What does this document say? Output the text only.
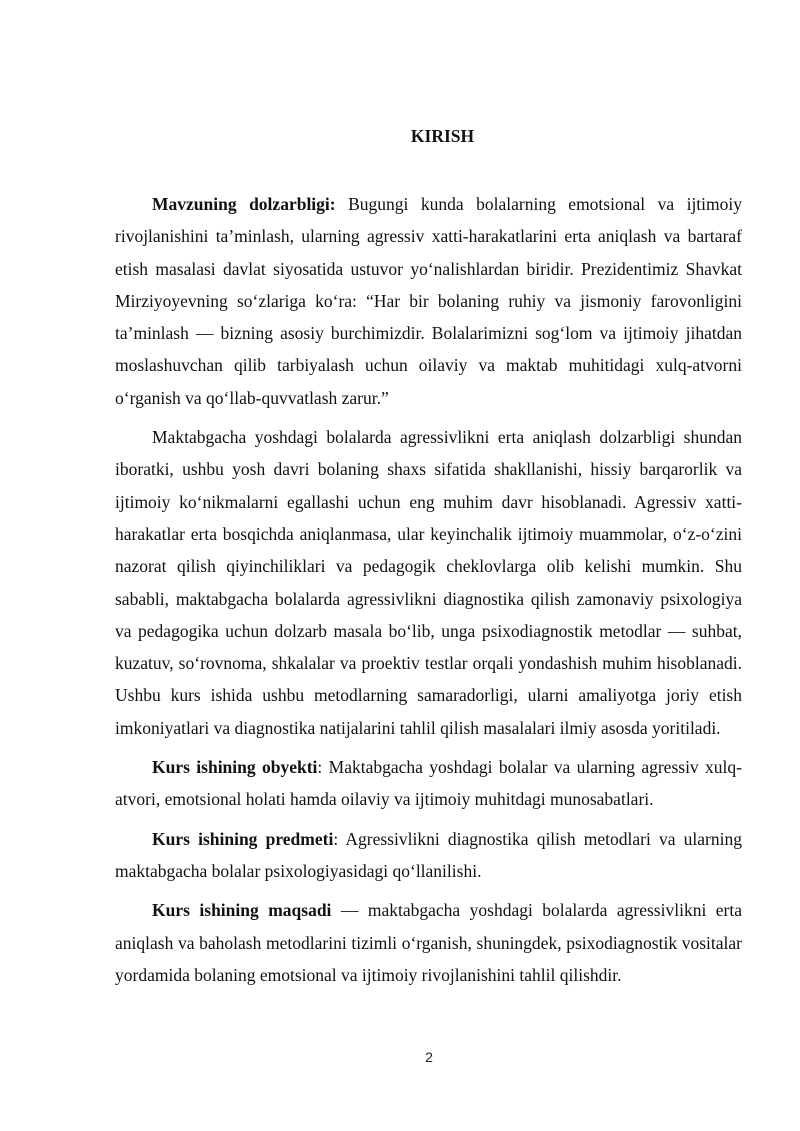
KIRISH

Mavzuning dolzarbligi: Bugungi kunda bolalarning emotsional va ijtimoiy rivojlanishini ta’minlash, ularning agressiv xatti-harakatlarini erta aniqlash va bartaraf etish masalasi davlat siyosatida ustuvor yo‘nalishlardan biridir. Prezidentimiz Shavkat Mirziyoyevning so‘zlariga ko‘ra: “Har bir bolaning ruhiy va jismoniy farovonligini ta’minlash — bizning asosiy burchimizdir. Bolalarimizni sog‘lom va ijtimoiy jihatdan moslashuvchan qilib tarbiyalash uchun oilaviy va maktab muhitidagi xulq-atvorni o‘rganish va qo‘llab-quvvatlash zarur.”

Maktabgacha yoshdagi bolalarda agressivlikni erta aniqlash dolzarbligi shundan iboratki, ushbu yosh davri bolaning shaxs sifatida shakllanishi, hissiy barqarorlik va ijtimoiy ko‘nikmalarni egallashi uchun eng muhim davr hisoblanadi. Agressiv xatti-harakatlar erta bosqichda aniqlanmasa, ular keyinchalik ijtimoiy muammolar, o‘z-o‘zini nazorat qilish qiyinchiliklari va pedagogik cheklovlarga olib kelishi mumkin. Shu sababli, maktabgacha bolalarda agressivlikni diagnostika qilish zamonaviy psixologiya va pedagogika uchun dolzarb masala bo‘lib, unga psixodiagnostik metodlar — suhbat, kuzatuv, so‘rovnoma, shkalalar va proektiv testlar orqali yondashish muhim hisoblanadi. Ushbu kurs ishida ushbu metodlarning samaradorligi, ularni amaliyotga joriy etish imkoniyatlari va diagnostika natijalarini tahlil qilish masalalari ilmiy asosda yoritiladi.

Kurs ishining obyekti: Maktabgacha yoshdagi bolalar va ularning agressiv xulq-atvori, emotsional holati hamda oilaviy va ijtimoiy muhitdagi munosabatlari.

Kurs ishining predmeti: Agressivlikni diagnostika qilish metodlari va ularning maktabgacha bolalar psixologiyasidagi qo‘llanilishi.

Kurs ishining maqsadi — maktabgacha yoshdagi bolalarda agressivlikni erta aniqlash va baholash metodlarini tizimli o‘rganish, shuningdek, psixodiagnostik vositalar yordamida bolaning emotsional va ijtimoiy rivojlanishini tahlil qilishdir.

2
